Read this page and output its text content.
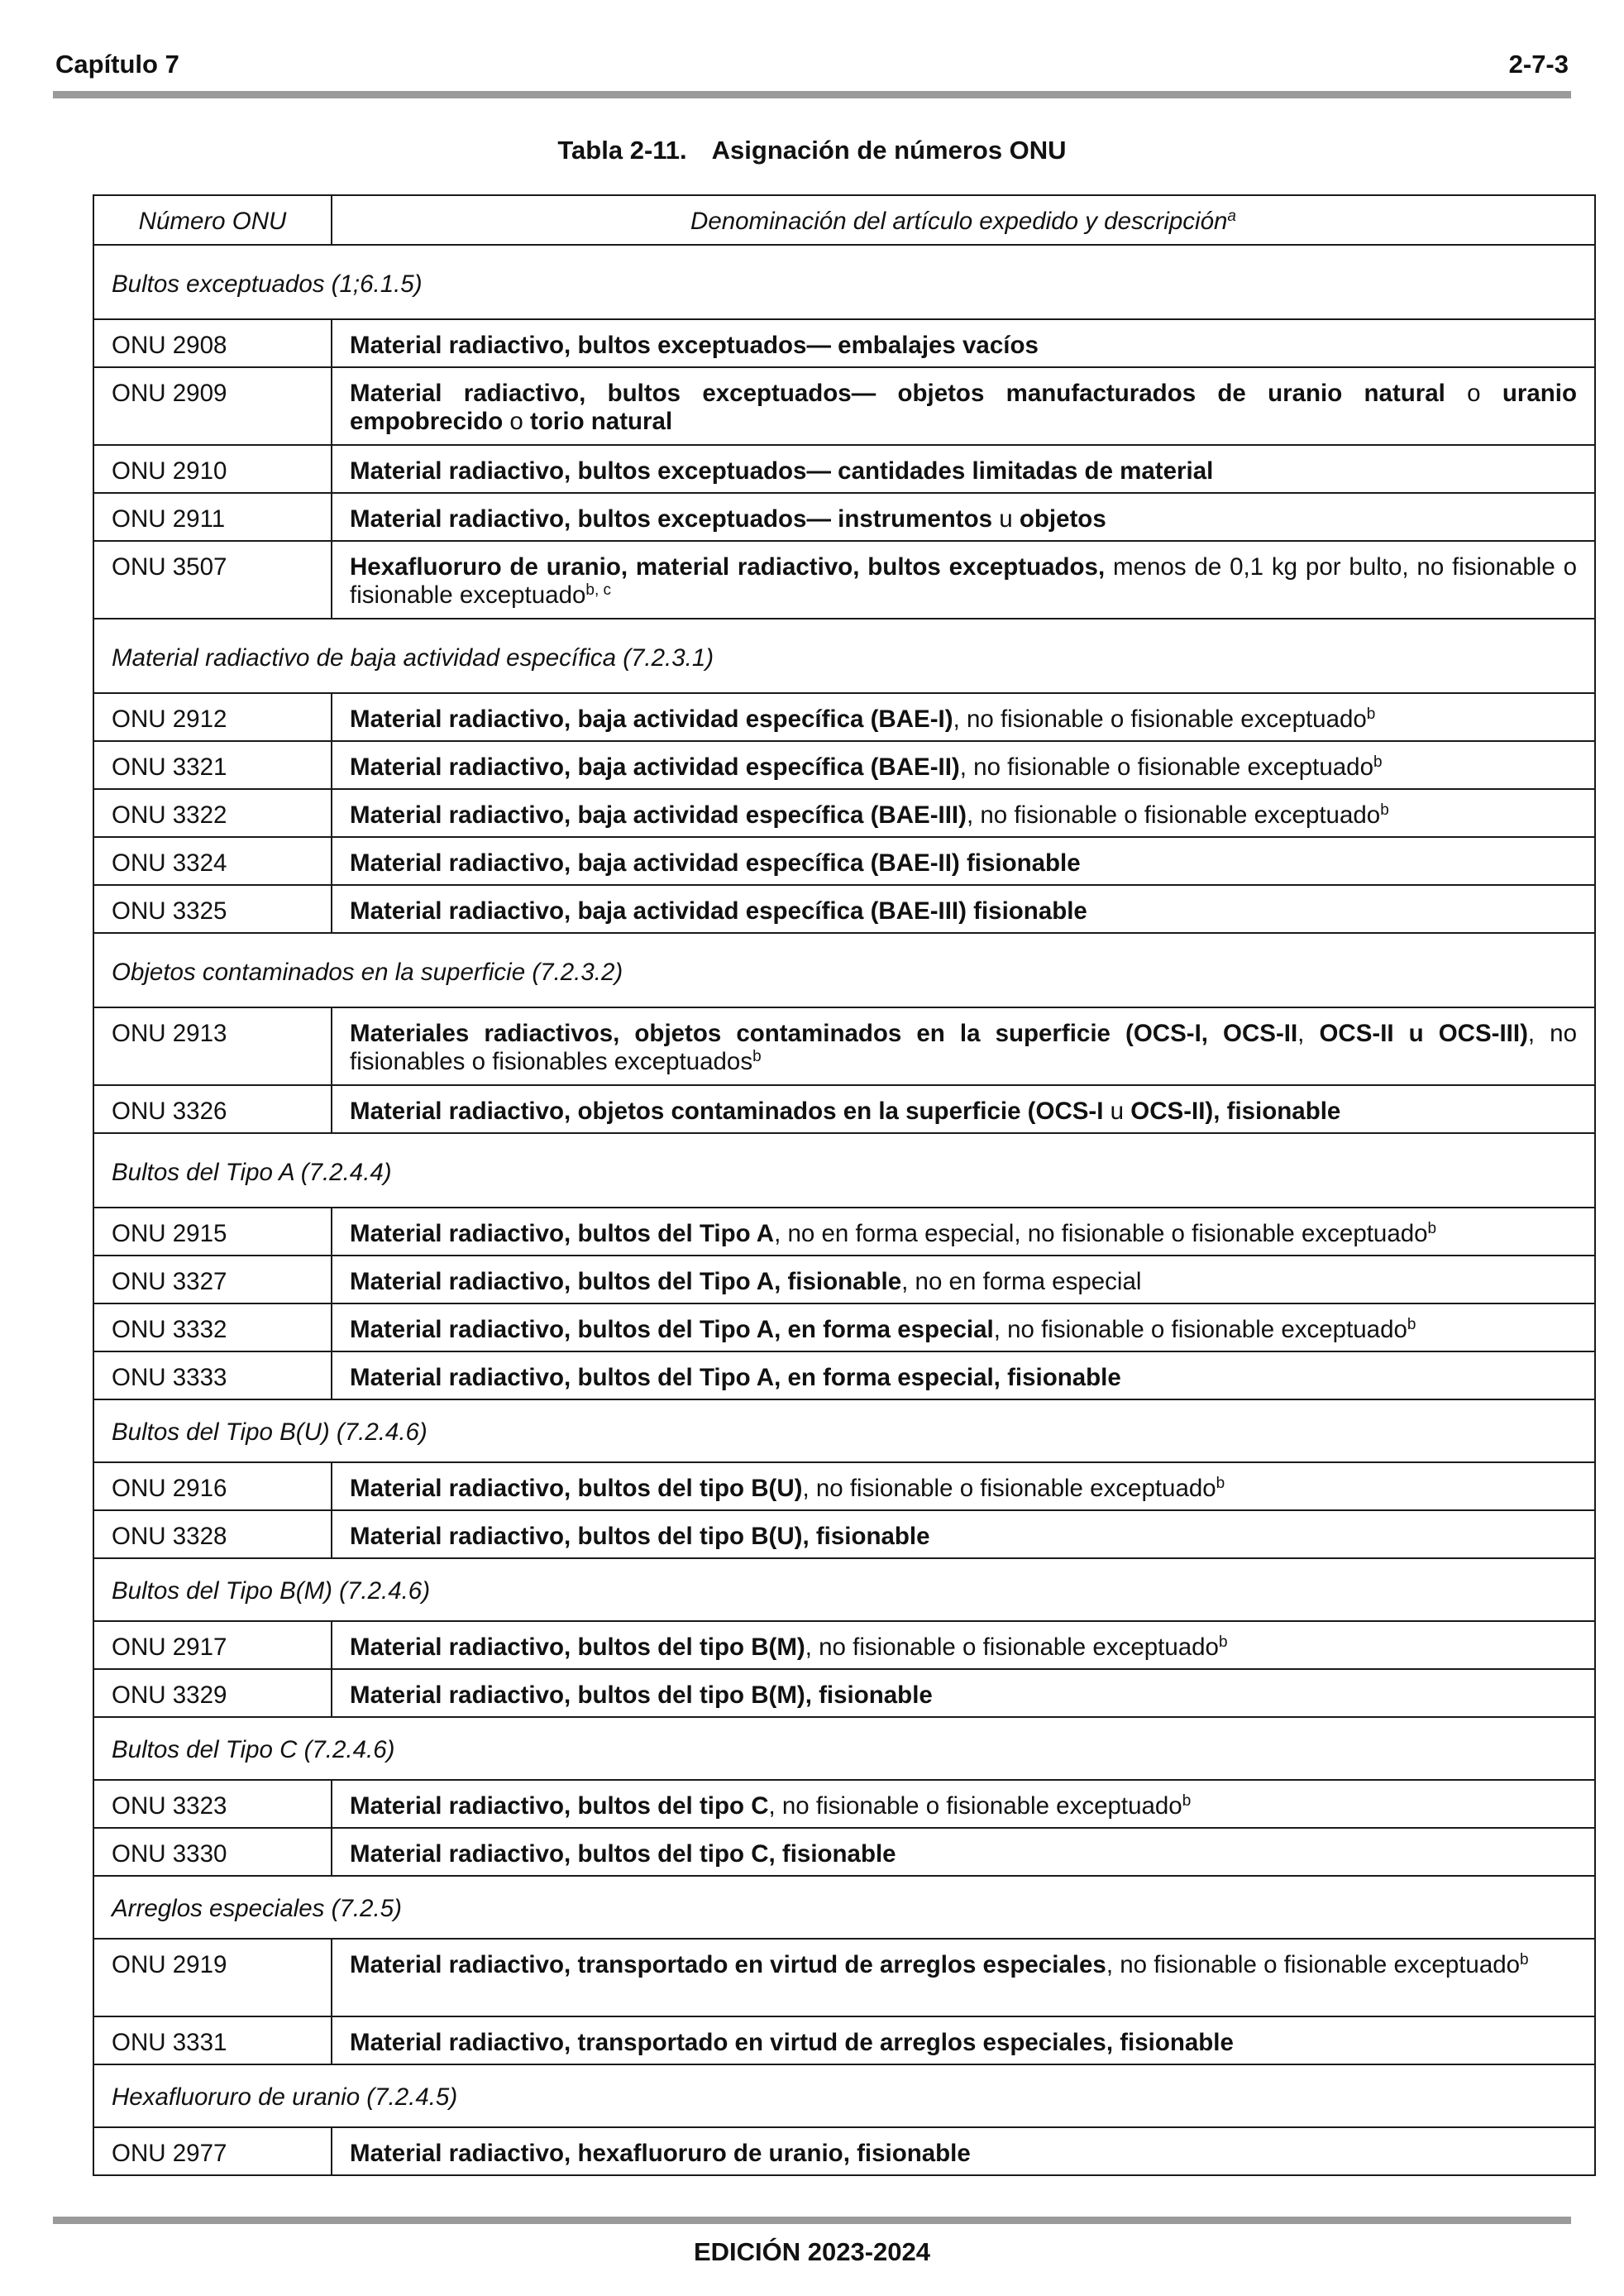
Capítulo 7	2-7-3
Tabla 2-11. Asignación de números ONU
Número ONU	Denominación del artículo expedido y descripción$^a$
Bultos exceptuados (1;6.1.5)
ONU 2908	Material radiactivo, bultos exceptuados— embalajes vacíos
ONU 2909	Material radiactivo, bultos exceptuados— objetos manufacturados de uranio natural o uranio empobrecido o torio natural
ONU 2910	Material radiactivo, bultos exceptuados— cantidades limitadas de material
ONU 2911	Material radiactivo, bultos exceptuados— instrumentos u objetos
ONU 3507	Hexafluoruro de uranio, material radiactivo, bultos exceptuados, menos de 0,1 kg por bulto, no fisionable o fisionable exceptuado$^{b, c}$
Material radiactivo de baja actividad específica (7.2.3.1)
ONU 2912	Material radiactivo, baja actividad específica (BAE-I), no fisionable o fisionable exceptuado$^b$
ONU 3321	Material radiactivo, baja actividad específica (BAE-II), no fisionable o fisionable exceptuado$^b$
ONU 3322	Material radiactivo, baja actividad específica (BAE-III), no fisionable o fisionable exceptuado$^b$
ONU 3324	Material radiactivo, baja actividad específica (BAE-II) fisionable
ONU 3325	Material radiactivo, baja actividad específica (BAE-III) fisionable
Objetos contaminados en la superficie (7.2.3.2)
ONU 2913	Materiales radiactivos, objetos contaminados en la superficie (OCS-I, OCS-II, OCS-II u OCS-III), no fisionables o fisionables exceptuados$^b$
ONU 3326	Material radiactivo, objetos contaminados en la superficie (OCS-I u OCS-II), fisionable
Bultos del Tipo A (7.2.4.4)
ONU 2915	Material radiactivo, bultos del Tipo A, no en forma especial, no fisionable o fisionable exceptuado$^b$
ONU 3327	Material radiactivo, bultos del Tipo A, fisionable, no en forma especial
ONU 3332	Material radiactivo, bultos del Tipo A, en forma especial, no fisionable o fisionable exceptuado$^b$
ONU 3333	Material radiactivo, bultos del Tipo A, en forma especial, fisionable
Bultos del Tipo B(U) (7.2.4.6)
ONU 2916	Material radiactivo, bultos del tipo B(U), no fisionable o fisionable exceptuado$^b$
ONU 3328	Material radiactivo, bultos del tipo B(U), fisionable
Bultos del Tipo B(M) (7.2.4.6)
ONU 2917	Material radiactivo, bultos del tipo B(M), no fisionable o fisionable exceptuado$^b$
ONU 3329	Material radiactivo, bultos del tipo B(M), fisionable
Bultos del Tipo C (7.2.4.6)
ONU 3323	Material radiactivo, bultos del tipo C, no fisionable o fisionable exceptuado$^b$
ONU 3330	Material radiactivo, bultos del tipo C, fisionable
Arreglos especiales (7.2.5)
ONU 2919	Material radiactivo, transportado en virtud de arreglos especiales, no fisionable o fisionable exceptuado$^b$
ONU 3331	Material radiactivo, transportado en virtud de arreglos especiales, fisionable
Hexafluoruro de uranio (7.2.4.5)
ONU 2977	Material radiactivo, hexafluoruro de uranio, fisionable
EDICIÓN 2023-2024
